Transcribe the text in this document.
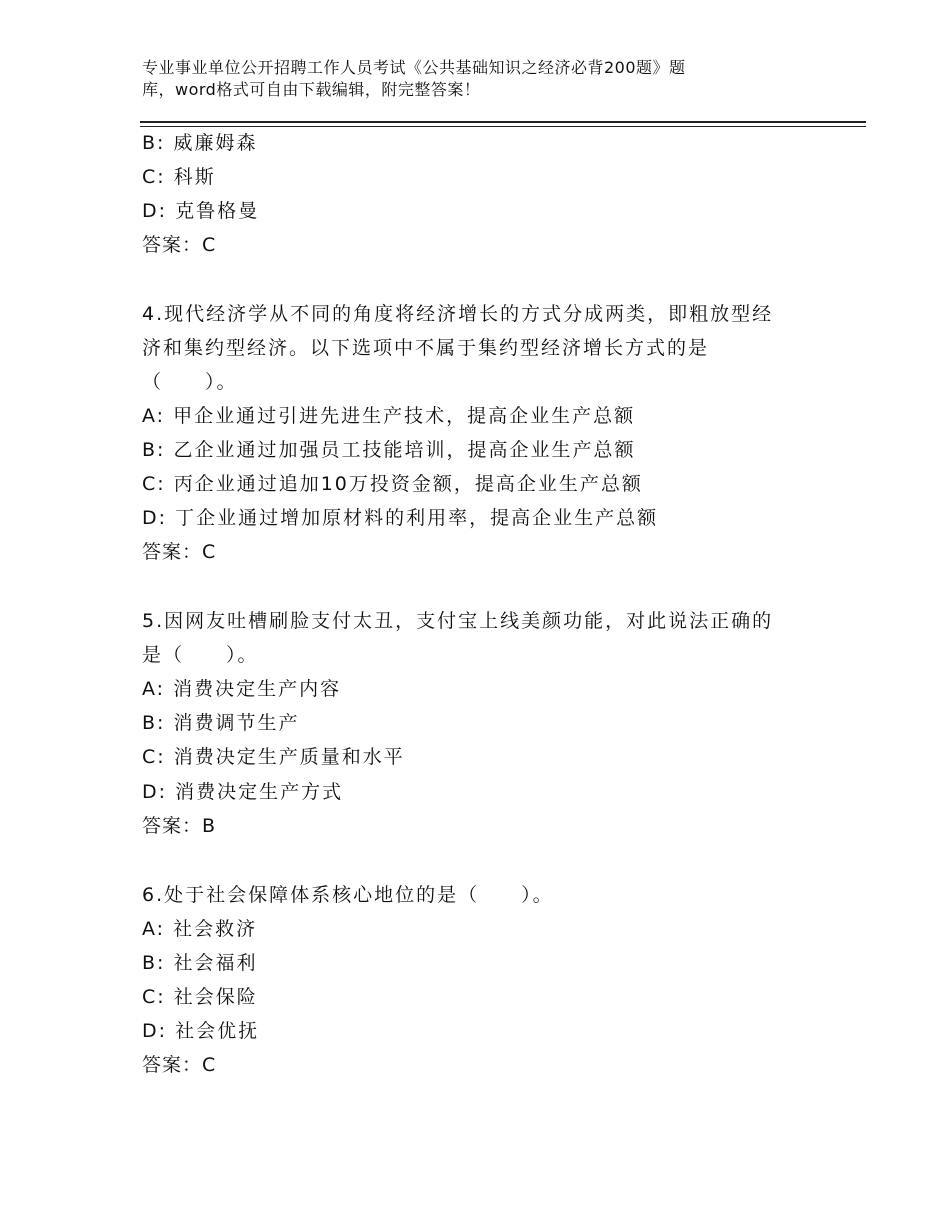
专业事业单位公开招聘工作人员考试《公共基础知识之经济必背200题》题
库，word格式可自由下载编辑，附完整答案！
B: 威廉姆森
C: 科斯
D: 克鲁格曼
答案：C
4.现代经济学从不同的角度将经济增长的方式分成两类，即粗放型经
济和集约型经济。以下选项中不属于集约型经济增长方式的是
（　　）。
A: 甲企业通过引进先进生产技术，提高企业生产总额
B: 乙企业通过加强员工技能培训，提高企业生产总额
C: 丙企业通过追加10万投资金额，提高企业生产总额
D: 丁企业通过增加原材料的利用率，提高企业生产总额
答案：C
5.因网友吐槽刷脸支付太丑，支付宝上线美颜功能，对此说法正确的
是（　　）。
A: 消费决定生产内容
B: 消费调节生产
C: 消费决定生产质量和水平
D: 消费决定生产方式
答案：B
6.处于社会保障体系核心地位的是（　　）。
A: 社会救济
B: 社会福利
C: 社会保险
D: 社会优抚
答案：C
